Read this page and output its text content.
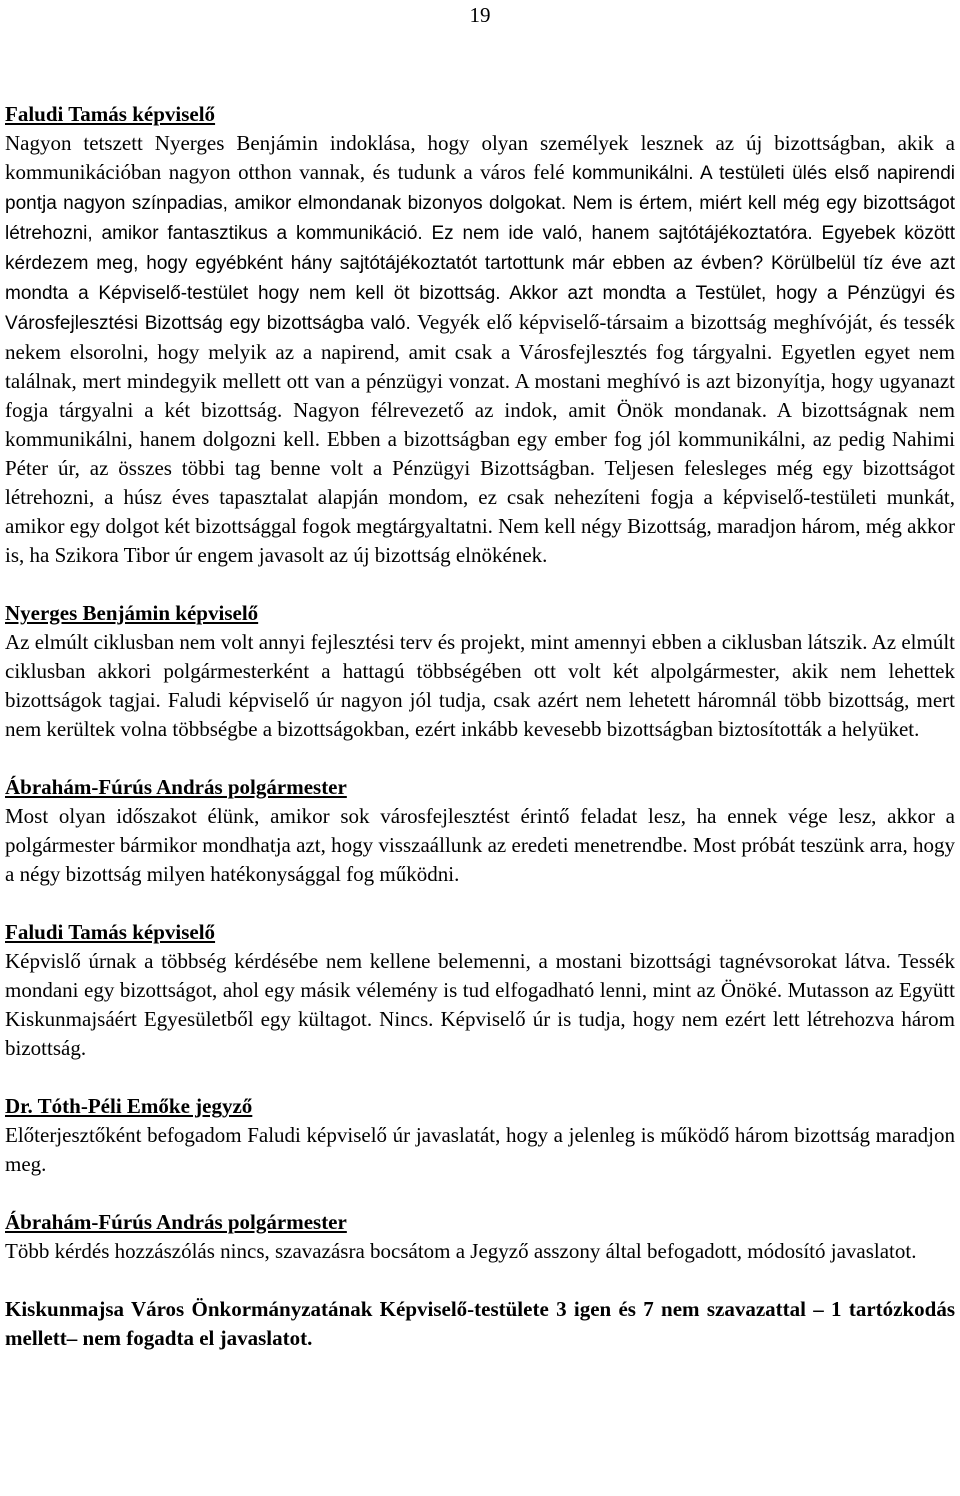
19
Faludi Tamás képviselő

Nagyon tetszett Nyerges Benjámin indoklása, hogy olyan személyek lesznek az új bizottságban, akik a kommunikációban nagyon otthon vannak, és tudunk a város felé kommunikálni. A testületi ülés első napirendi pontja nagyon színpadias, amikor elmondanak bizonyos dolgokat. Nem is értem, miért kell még egy bizottságot létrehozni, amikor fantasztikus a kommunikáció. Ez nem ide való, hanem sajtótájékoztatóra. Egyebek között kérdezem meg, hogy egyébként hány sajtótájékoztatót tartottunk már ebben az évben? Körülbelül tíz éve azt mondta a Képviselő-testület hogy nem kell öt bizottság. Akkor azt mondta a Testület, hogy a Pénzügyi és Városfejlesztési Bizottság egy bizottságba való. Vegyék elő képviselő-társaim a bizottság meghívóját, és tessék nekem elsorolni, hogy melyik az a napirend, amit csak a Városfejlesztés fog tárgyalni. Egyetlen egyet nem találnak, mert mindegyik mellett ott van a pénzügyi vonzat. A mostani meghívó is azt bizonyítja, hogy ugyanazt fogja tárgyalni a két bizottság. Nagyon félrevezető az indok, amit Önök mondanak. A bizottságnak nem kommunikálni, hanem dolgozni kell. Ebben a bizottságban egy ember fog jól kommunikálni, az pedig Nahimi Péter úr, az összes többi tag benne volt a Pénzügyi Bizottságban. Teljesen felesleges még egy bizottságot létrehozni, a húsz éves tapasztalat alapján mondom, ez csak nehezíteni fogja a képviselő-testületi munkát, amikor egy dolgot két bizottsággal fogok megtárgyaltatni. Nem kell négy Bizottság, maradjon három, még akkor is, ha Szikora Tibor úr engem javasolt az új bizottság elnökének.

Nyerges Benjámin képviselő

Az elmúlt ciklusban nem volt annyi fejlesztési terv és projekt, mint amennyi ebben a ciklusban látszik. Az elmúlt ciklusban akkori polgármesterként a hattagú többségében ott volt két alpolgármester, akik nem lehettek bizottságok tagjai. Faludi képviselő úr nagyon jól tudja, csak azért nem lehetett háromnál több bizottság, mert nem kerültek volna többségbe a bizottságokban, ezért inkább kevesebb bizottságban biztosították a helyüket.

Ábrahám-Fúrús András polgármester

Most olyan időszakot élünk, amikor sok városfejlesztést érintő feladat lesz, ha ennek vége lesz, akkor a polgármester bármikor mondhatja azt, hogy visszaállunk az eredeti menetrendbe. Most próbát teszünk arra, hogy a négy bizottság milyen hatékonysággal fog működni.

Faludi Tamás képviselő

Képvislő úrnak a többség kérdésébe nem kellene belemenni, a mostani bizottsági tagnévsorokat látva. Tessék mondani egy bizottságot, ahol egy másik vélemény is tud elfogadható lenni, mint az Önöké. Mutasson az Együtt Kiskunmajsáért Egyesületből egy kültagot. Nincs. Képviselő úr is tudja, hogy nem ezért lett létrehozva három bizottság.

Dr. Tóth-Péli Emőke jegyző

Előterjesztőként befogadom Faludi képviselő úr javaslatát, hogy a jelenleg is működő három bizottság maradjon meg.

Ábrahám-Fúrús András polgármester

Több kérdés hozzászólás nincs, szavazásra bocsátom a Jegyző asszony által befogadott, módosító javaslatot.

Kiskunmajsa Város Önkormányzatának Képviselő-testülete 3 igen és 7 nem szavazattal – 1 tartózkodás mellett– nem fogadta el javaslatot.
